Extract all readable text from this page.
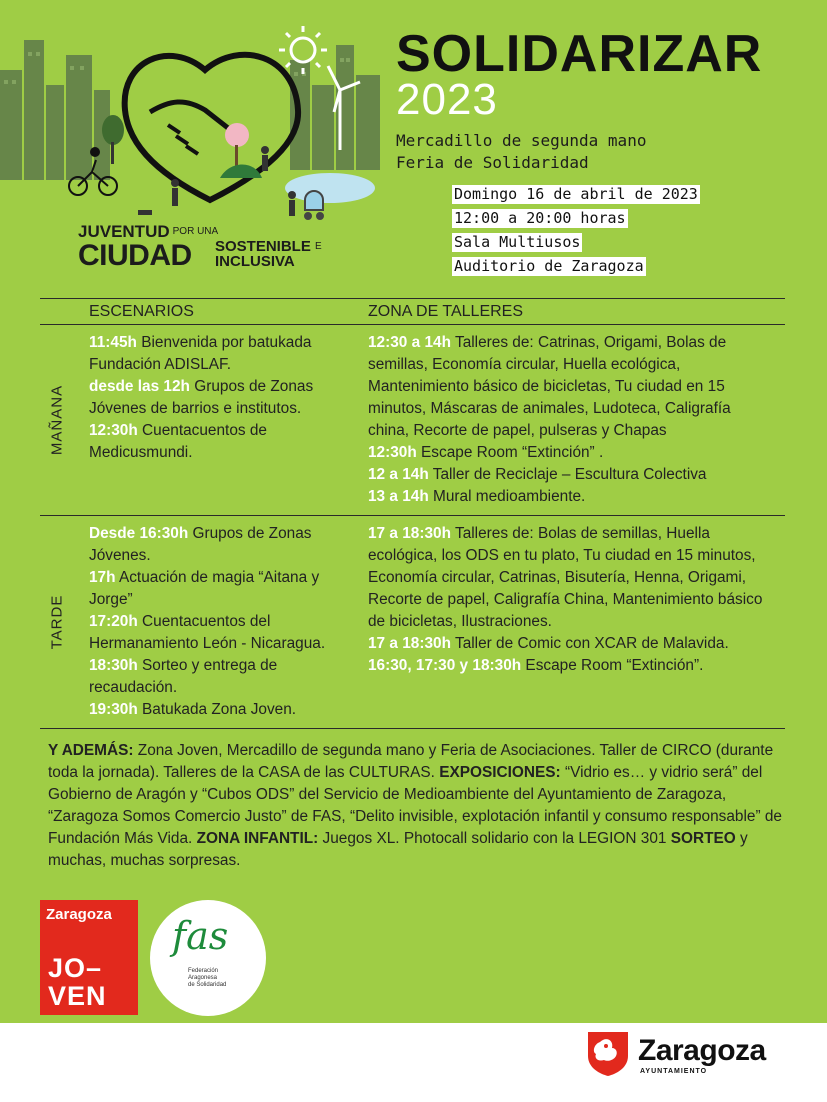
JUVENTUD POR UNA
CIUDAD SOSTENIBLE E
INCLUSIVA
SOLIDARIZAR
2023
Mercadillo de segunda mano
Feria de Solidaridad
Domingo 16 de abril de 2023
12:00 a 20:00 horas
Sala Multiusos
Auditorio de Zaragoza
ESCENARIOS	ZONA DE TALLERES
MAÑANA

11:45h Bienvenida por batukada Fundación ADISLAF.

desde las 12h Grupos de Zonas Jóvenes de barrios e institutos.

12:30h Cuentacuentos de Medicusmundi.

12:30 a 14h Talleres de: Catrinas, Origami, Bolas de semillas, Economía circular, Huella ecológica, Mantenimiento básico de bicicletas, Tu ciudad en 15 minutos, Máscaras de animales, Ludoteca, Caligrafía china, Recorte de papel, pulseras y Chapas

12:30h Escape Room “Extinción” .

12 a 14h Taller de Reciclaje – Escultura Colectiva

13 a 14h Mural medioambiente.

TARDE

Desde 16:30h Grupos de Zonas Jóvenes.

17h Actuación de magia “Aitana y Jorge”

17:20h Cuentacuentos del Hermanamiento León - Nicaragua.

18:30h Sorteo y entrega de recaudación.

19:30h Batukada Zona Joven.

17 a 18:30h Talleres de: Bolas de semillas, Huella ecológica, los ODS en tu plato, Tu ciudad en 15 minutos, Economía circular, Catrinas, Bisutería, Henna, Origami, Recorte de papel, Caligrafía China, Mantenimiento básico de bicicletas, Ilustraciones.

17 a 18:30h Taller de Comic con XCAR de Malavida.

16:30, 17:30 y 18:30h Escape Room “Extinción”.

Y ADEMÁS: Zona Joven, Mercadillo de segunda mano y Feria de Asociaciones. Taller de CIRCO (durante toda la jornada). Talleres de la CASA de las CULTURAS. EXPOSICIONES: “Vidrio es… y vidrio será” del Gobierno de Aragón y “Cubos ODS” del Servicio de Medioambiente del Ayuntamiento de Zaragoza, “Zaragoza Somos Comercio Justo” de FAS, “Delito invisible, explotación infantil y consumo responsable” de Fundación Más Vida. ZONA INFANTIL: Juegos XL. Photocall solidario con la LEGION 301 SORTEO y muchas, muchas sorpresas.
Zaragoza
JO–
VEN
fas
Federación
Aragonesa
de Solidaridad
Zaragoza
AYUNTAMIENTO
